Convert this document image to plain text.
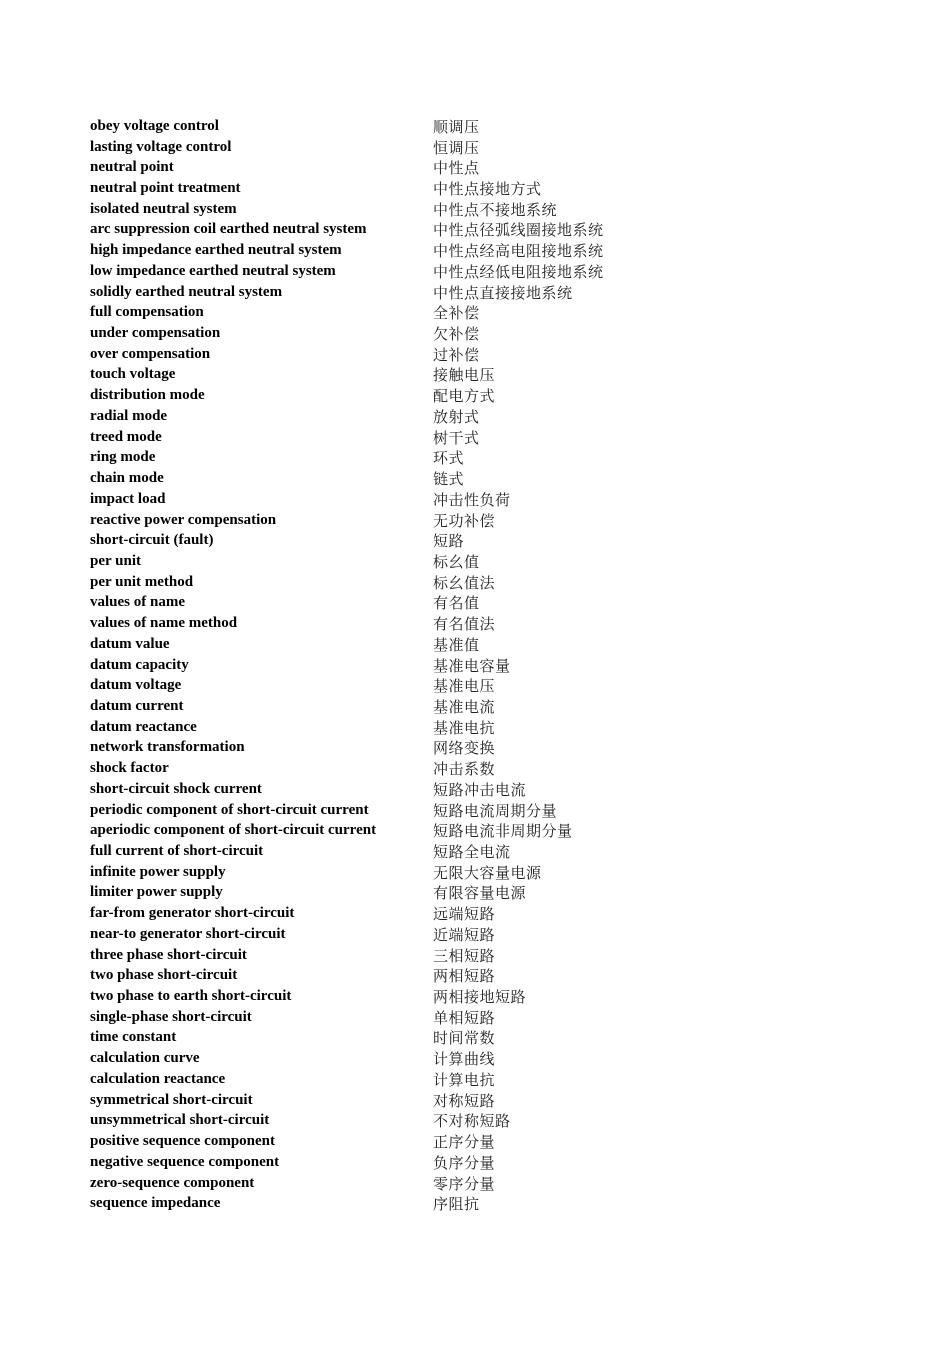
obey voltage control	顺调压
lasting voltage control	恒调压
neutral point	中性点
neutral point treatment	中性点接地方式
isolated neutral system	中性点不接地系统
arc suppression coil earthed neutral system	中性点径弧线圈接地系统
high impedance earthed neutral system	中性点经高电阻接地系统
low impedance earthed neutral system	中性点经低电阻接地系统
solidly earthed neutral system	中性点直接接地系统
full compensation	全补偿
under compensation	欠补偿
over compensation	过补偿
touch voltage	接触电压
distribution mode	配电方式
radial mode	放射式
treed mode	树干式
ring mode	环式
chain mode	链式
impact load	冲击性负荷
reactive power compensation	无功补偿
short-circuit (fault)	短路
per unit	标幺值
per unit method	标幺值法
values of name	有名值
values of name method	有名值法
datum value	基准值
datum capacity	基准电容量
datum voltage	基准电压
datum current	基准电流
datum reactance	基准电抗
network transformation	网络变换
shock factor	冲击系数
short-circuit shock current	短路冲击电流
periodic component of short-circuit current	短路电流周期分量
aperiodic component of short-circuit current	短路电流非周期分量
full current of short-circuit	短路全电流
infinite power supply	无限大容量电源
limiter power supply	有限容量电源
far-from generator short-circuit	远端短路
near-to generator short-circuit	近端短路
three phase short-circuit	三相短路
two phase short-circuit	两相短路
two phase to earth short-circuit	两相接地短路
single-phase short-circuit	单相短路
time constant	时间常数
calculation curve	计算曲线
calculation reactance	计算电抗
symmetrical short-circuit	对称短路
unsymmetrical short-circuit	不对称短路
positive sequence component	正序分量
negative sequence component	负序分量
zero-sequence component	零序分量
sequence impedance	序阻抗
